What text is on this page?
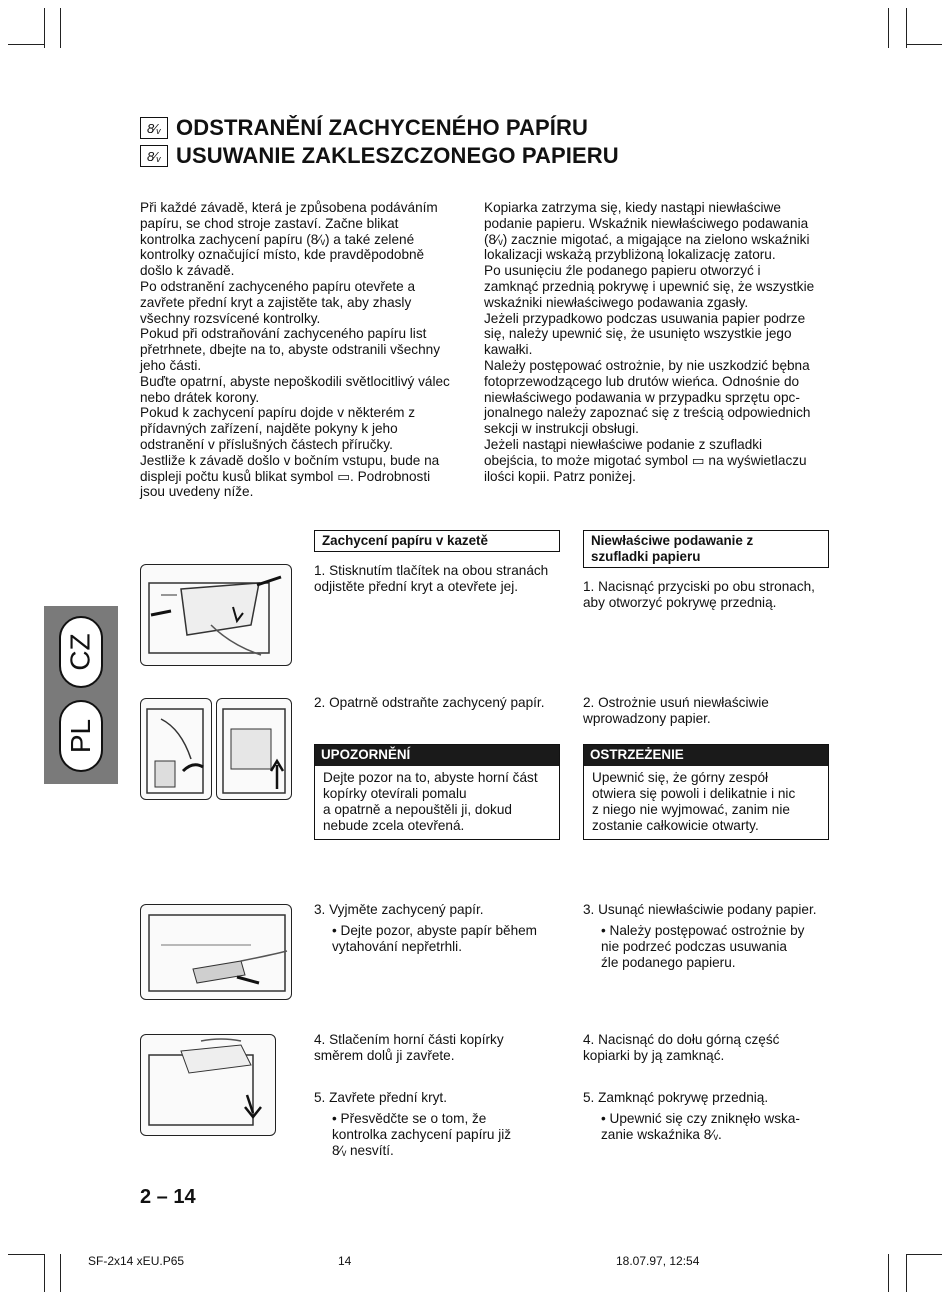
8∕ᵥ ODSTRANĚNÍ ZACHYCENÉHO PAPÍRU
8∕ᵥ USUWANIE ZAKLESZCZONEGO PAPIERU
Při každé závadě, která je způsobena podáváním
papíru, se chod stroje zastaví. Začne blikat
kontrolka zachycení papíru (8∕ᵥ) a také zelené
kontrolky označující místo, kde pravděpodobně
došlo k závadě.
Po odstranění zachyceného papíru otevřete a
zavřete přední kryt a zajistěte tak, aby zhasly
všechny rozsvícené kontrolky.
Pokud při odstraňování zachyceného papíru list
přetrhnete, dbejte na to, abyste odstranili všechny
jeho části.
Buďte opatrní, abyste nepoškodili světlocitlivý válec
nebo drátek korony.
Pokud k zachycení papíru dojde v některém z
přídavných zařízení, najděte pokyny k jeho
odstranění v příslušných částech příručky.
Jestliže k závadě došlo v bočním vstupu, bude na
displeji počtu kusů blikat symbol ▭. Podrobnosti
jsou uvedeny níže.
Kopiarka zatrzyma się, kiedy nastąpi niewłaściwe
podanie papieru. Wskaźnik niewłaściwego podawania
(8∕ᵥ) zacznie migotać, a migające na zielono wskaźniki
lokalizacji wskażą przybliżoną lokalizację zatoru.
Po usunięciu źle podanego papieru otworzyć i
zamknąć przednią pokrywę i upewnić się, że wszystkie
wskaźniki niewłaściwego podawania zgasły.
Jeżeli przypadkowo podczas usuwania papier podrze
się, należy upewnić się, że usunięto wszystkie jego
kawałki.
Należy postępować ostrożnie, by nie uszkodzić bębna
fotoprzewodzącego lub drutów wieńca. Odnośnie do
niewłaściwego podawania w przypadku sprzętu opc-
jonalnego należy zapoznać się z treścią odpowiednich
sekcji w instrukcji obsługi.
Jeżeli nastąpi niewłaściwe podanie z szufladki
obejścia, to może migotać symbol ▭ na wyświetlaczu
ilości kopii. Patrz poniżej.
CZ
PL
Zachycení papíru v kazetě	Niewłaściwe podawanie z
szufladki papieru
1. Stisknutím tlačítek na obou stranách
odjistěte přední kryt a otevřete jej.	1. Nacisnąć przyciski po obu stronach,
aby otworzyć pokrywę przednią.
2. Opatrně odstraňte zachycený papír.	2. Ostrożnie usuń niewłaściwie
wprowadzony papier.
UPOZORNĚNÍ
Dejte pozor na to, abyste horní část
kopírky otevírali pomalu
a opatrně a nepouštěli ji, dokud
nebude zcela otevřená.
OSTRZEŻENIE
Upewnić się, że górny zespół
otwiera się powoli i delikatnie i nic
z niego nie wyjmować, zanim nie
zostanie całkowicie otwarty.
3. Vyjměte zachycený papír.
• Dejte pozor, abyste papír během
vytahování nepřetrhli.
3. Usunąć niewłaściwie podany papier.
• Należy postępować ostrożnie by
nie podrzeć podczas usuwania
źle podanego papieru.
4. Stlačením horní části kopírky
směrem dolů ji zavřete.
4. Nacisnąć do dołu górną część
kopiarki by ją zamknąć.
5. Zavřete přední kryt.
• Přesvědčte se o tom, že
kontrolka zachycení papíru již
8∕ᵥ nesvítí.
5. Zamknąć pokrywę przednią.
• Upewnić się czy zniknęło wska-
zanie wskaźnika 8∕ᵥ.
2 – 14
SF-2x14 xEU.P65	14	18.07.97, 12:54
